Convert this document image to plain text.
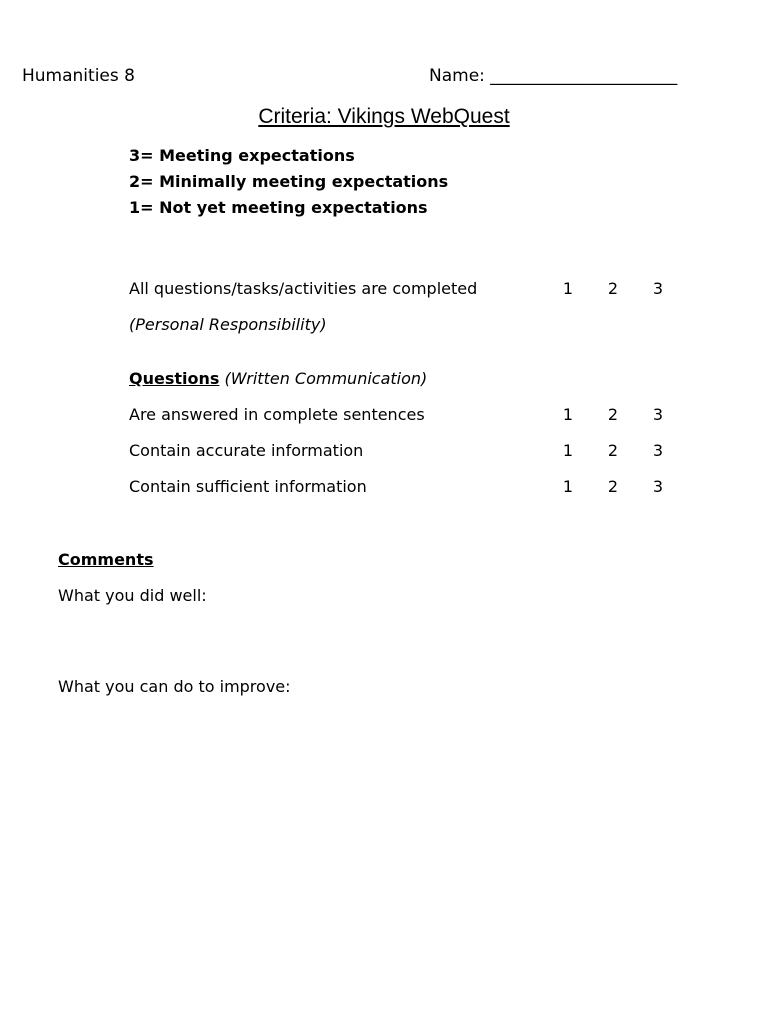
Humanities 8	Name: ______________________
Criteria: Vikings WebQuest
3= Meeting expectations
2= Minimally meeting expectations
1= Not yet meeting expectations
All questions/tasks/activities are completed	1 2 3
(Personal Responsibility)
Questions (Written Communication)
Are answered in complete sentences	1 2 3
Contain accurate information	1 2 3
Contain sufficient information	1 2 3
Comments
What you did well:
What you can do to improve:
